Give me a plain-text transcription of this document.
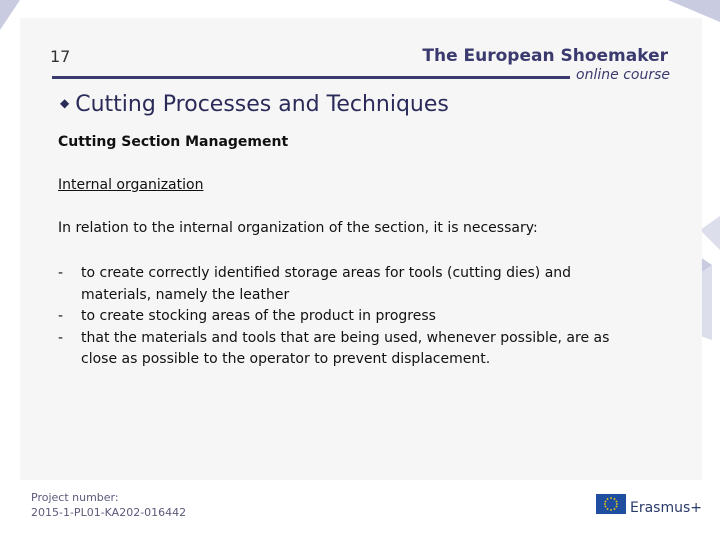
17	The European Shoemaker
online course
◆ Cutting Processes and Techniques
Cutting Section Management
Internal organization
In relation to the internal organization of the section, it is necessary:
- to create correctly identified storage areas for tools (cutting dies) and materials, namely the leather
- to create stocking areas of the product in progress
- that the materials and tools that are being used, whenever possible, are as close as possible to the operator to prevent displacement.
Project number:
2015-1-PL01-KA202-016442	Erasmus+
